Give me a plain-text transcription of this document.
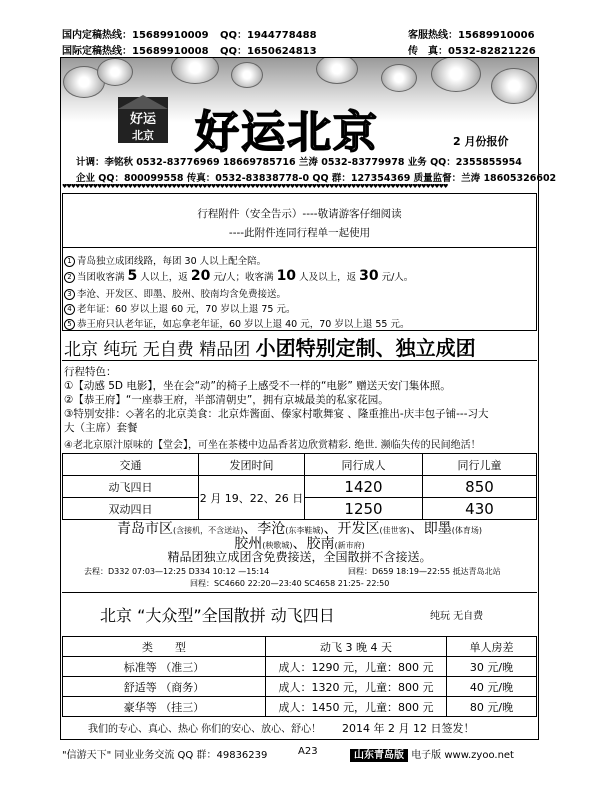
国内定稿热线：15689910009 QQ：1944778488
国际定稿热线：15689910008 QQ：1650624813
客服热线：15689910006
传　真：0532-82821226
好运
北京 好运北京	2 月份报价
计调：李铭秋 0532-83776969 18669785716 兰涛 0532-83779978 业务 QQ：2355855954
企业 QQ：800099558 传真：0532-83838778-0 QQ 群：127354369 质量监督：兰涛 18605326602
♥♥♥♥♥♥♥♥♥♥♥♥♥♥♥♥♥♥♥♥♥♥♥♥♥♥♥♥♥♥♥♥♥♥♥♥♥♥♥♥♥♥♥♥♥♥♥♥♥♥♥♥♥♥♥♥♥♥♥♥♥♥♥♥♥♥♥♥♥♥♥♥♥♥♥♥♥♥♥♥♥♥♥♥♥♥♥♥
行程附件（安全告示）----敬请游客仔细阅读
----此附件连同行程单一起使用
1 青岛独立成团线路，每团 30 人以上配全陪。
2 当团收客满 5 人以上，返 20 元/人；收客满 10 人及以上，返 30 元/人。
3 李沧、开发区、即墨、胶州、胶南均含免费接送。
4 老年证：60 岁以上退 60 元，70 岁以上退 75 元。
5 恭王府只认老年证，如忘拿老年证，60 岁以上退 40 元，70 岁以上退 55 元。
北京 纯玩 无自费 精品团 小团特别定制、独立成团
行程特色：
①【动感 5D 电影】，坐在会“动”的椅子上感受不一样的“电影” 赠送天安门集体照。
②【恭王府】“一座恭王府，半部清朝史”，拥有京城最美的私家花园。
③特别安排：◇著名的北京美食：北京炸酱面、傣家村歌舞宴 、隆重推出-庆丰包子铺---习大
大（主席）套餐
④老北京原汁原味的【堂会】，可坐在茶楼中边品香茗边欣赏精彩. 绝世. 濒临失传的民间绝活！
交通	发团时间	同行成人	同行儿童
动飞四日	2 月 19、22、26 日	1420	850
双动四日		1250	430
青岛市区(含接机，不含送站)、李沧(东李鞋城)、开发区(佳世客)、即墨(体育场)
胶州(秧歌城)、胶南(新市府)
精品团独立成团含免费接送，全国散拼不含接送。
去程：D332 07:03—12:25 D334 10:12 —15:14	回程：D659 18:19—22:55 抵达青岛北站
回程：SC4660 22:20—23:40 SC4658 21:25- 22:50
北京 “大众型”全国散拼 动飞四日	纯玩 无自费
类　　型	动飞 3 晚 4 天	单人房差
标准等 （准三）	成人：1290 元，儿童：800 元	30 元/晚
舒适等 （商务）	成人：1320 元，儿童：800 元	40 元/晚
豪华等 （挂三）	成人：1450 元，儿童：800 元	80 元/晚
我们的专心、真心、热心 你们的安心、放心、舒心！ 2014 年 2 月 12 日签发！
"信游天下" 同业业务交流 QQ 群：49836239	A23	山东青岛版 电子版 www.zyoo.net
